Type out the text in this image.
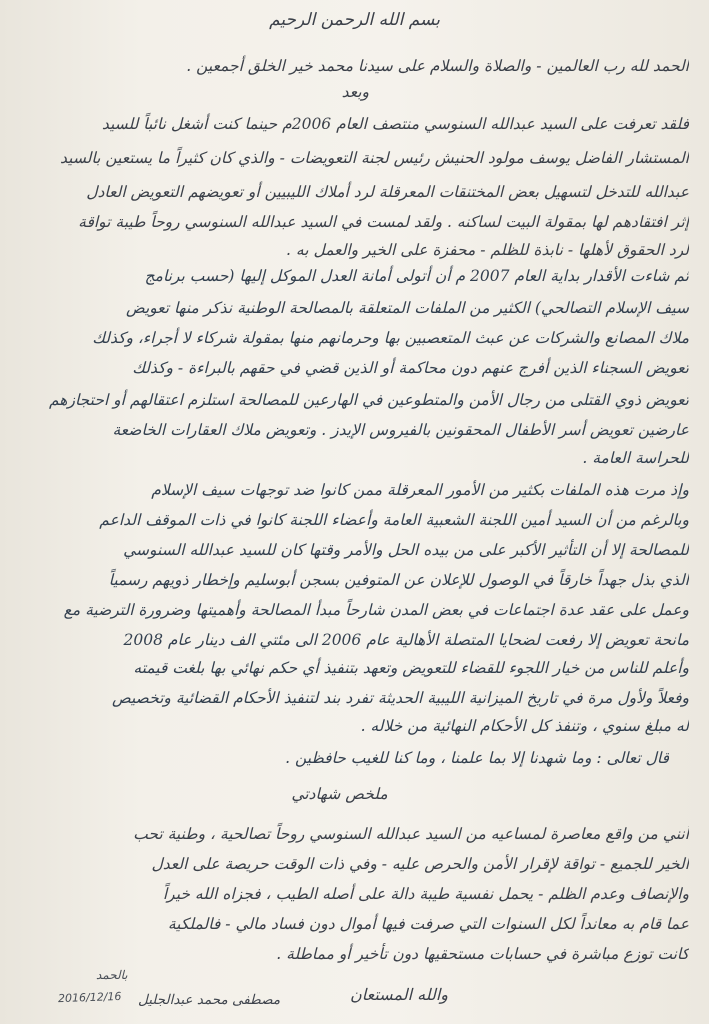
بسم الله الرحمن الرحيم
الحمد لله رب العالمين - والصلاة والسلام على سيدنا محمد خير الخلق أجمعين .
وبعد
فلقد تعرفت على السيد عبدالله السنوسي منتصف العام 2006م حينما كنت أشغل نائباً للسيد
المستشار الفاضل يوسف مولود الحنيش رئيس لجنة التعويضات - والذي كان كثيراً ما يستعين بالسيد
عبدالله للتدخل لتسهيل بعض المختنقات المعرقلة لرد أملاك الليبيين أو تعويضهم التعويض العادل
إثر افتقادهم لها بمقولة البيت لساكنه . ولقد لمست في السيد عبدالله السنوسي روحاً طيبة تواقة
لرد الحقوق لأهلها - نابذة للظلم - محفزة على الخير والعمل به .
ثم شاءت الأقدار بداية العام 2007 م أن أتولى أمانة العدل الموكل إليها (حسب برنامج
سيف الإسلام التصالحي) الكثير من الملفات المتعلقة بالمصالحة الوطنية نذكر منها تعويض
ملاك المصانع والشركات عن عبث المتعصبين بها وحرمانهم منها بمقولة شركاء لا أجراء، وكذلك
تعويض السجناء الذين أفرج عنهم دون محاكمة أو الذين قضي في حقهم بالبراءة - وكذلك
تعويض ذوي القتلى من رجال الأمن والمتطوعين في الهارعين للمصالحة استلزم اعتقالهم أو احتجازهم
عارضين تعويض أسر الأطفال المحقونين بالفيروس الإيدز . وتعويض ملاك العقارات الخاضعة
للحراسة العامة .
وإذ مرت هذه الملفات بكثير من الأمور المعرقلة ممن كانوا ضد توجهات سيف الإسلام
وبالرغم من أن السيد أمين اللجنة الشعبية العامة وأعضاء اللجنة كانوا في ذات الموقف الداعم
للمصالحة إلا أن التأثير الأكبر على من بيده الحل والأمر وقتها كان للسيد عبدالله السنوسي
الذي بذل جهداً خارقاً في الوصول للإعلان عن المتوفين بسجن أبوسليم وإخطار ذويهم رسمياً
وعمل على عقد عدة اجتماعات في بعض المدن شارحاً مبدأ المصالحة وأهميتها وضرورة الترضية مع
مانحة تعويض إلا رفعت لضحايا المتصلة الأهالية عام 2006 الى مئتي الف دينار عام 2008
وأعلم للناس من خيار اللجوء للقضاء للتعويض وتعهد بتنفيذ أي حكم نهائي بها بلغت قيمته
وفعلاً ولأول مرة في تاريخ الميزانية الليبية الحديثة تفرد بند لتنفيذ الأحكام القضائية وتخصيص
له مبلغ سنوي ، وتنفذ كل الأحكام النهائية من خلاله .
قال تعالى : وما شهدنا إلا بما علمنا ، وما كنا للغيب حافظين .
ملخص شهادتي
أنني من واقع معاصرة لمساعيه من السيد عبدالله السنوسي روحاً تصالحية ، وطنية تحب
الخير للجميع - تواقة لإقرار الأمن والحرص عليه - وفي ذات الوقت حريصة على العدل
والإنصاف وعدم الظلم - يحمل نفسية طيبة دالة على أصله الطيب ، فجزاه الله خيراً
عما قام به معانداً لكل السنوات التي صرفت فيها أموال دون فساد مالي - فالملكية
كانت توزع مباشرة في حسابات مستحقيها دون تأخير أو مماطلة .
والله المستعان
بالحمد
مصطفى محمد عبدالجليل
2016/12/16
